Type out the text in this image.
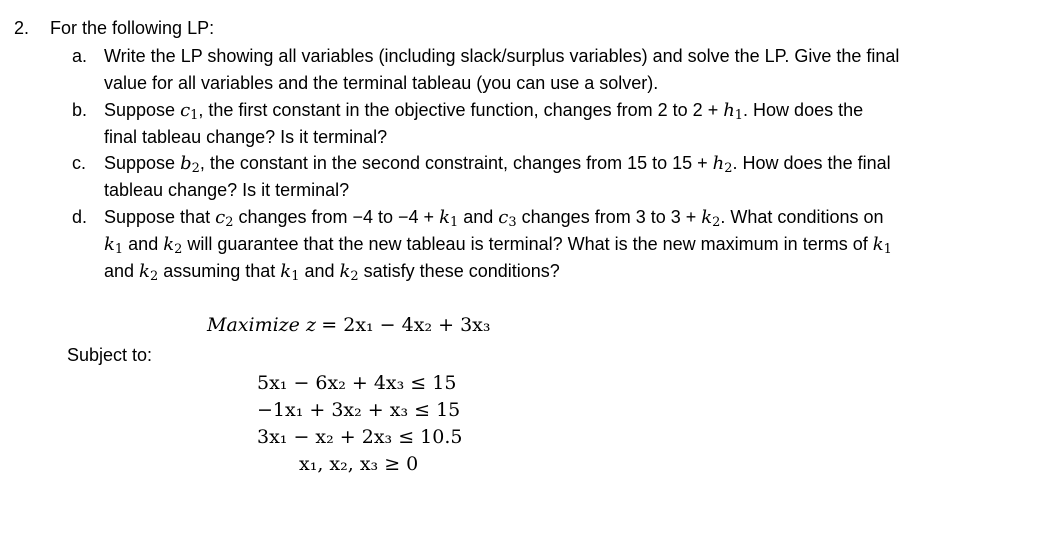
2. For the following LP:
a. Write the LP showing all variables (including slack/surplus variables) and solve the LP. Give the final
value for all variables and the terminal tableau (you can use a solver).
b. Suppose $c_1$, the first constant in the objective function, changes from 2 to $2 + h_1$. How does the
final tableau change? Is it terminal?
c. Suppose $b_2$, the constant in the second constraint, changes from 15 to $15 + h_2$. How does the final
tableau change? Is it terminal?
d. Suppose that $c_2$ changes from −4 to $-4 + k_1$ and $c_3$ changes from 3 to $3 + k_2$. What conditions on
$k_1$ and $k_2$ will guarantee that the new tableau is terminal? What is the new maximum in terms of $k_1$
and $k_2$ assuming that $k_1$ and $k_2$ satisfy these conditions?
Maximize z = 2x₁ − 4x₂ + 3x₃
Subject to:
5x₁ − 6x₂ + 4x₃ ≤ 15
−1x₁ + 3x₂ + x₃ ≤ 15
3x₁ − x₂ + 2x₃ ≤ 10.5
x₁, x₂, x₃ ≥ 0
